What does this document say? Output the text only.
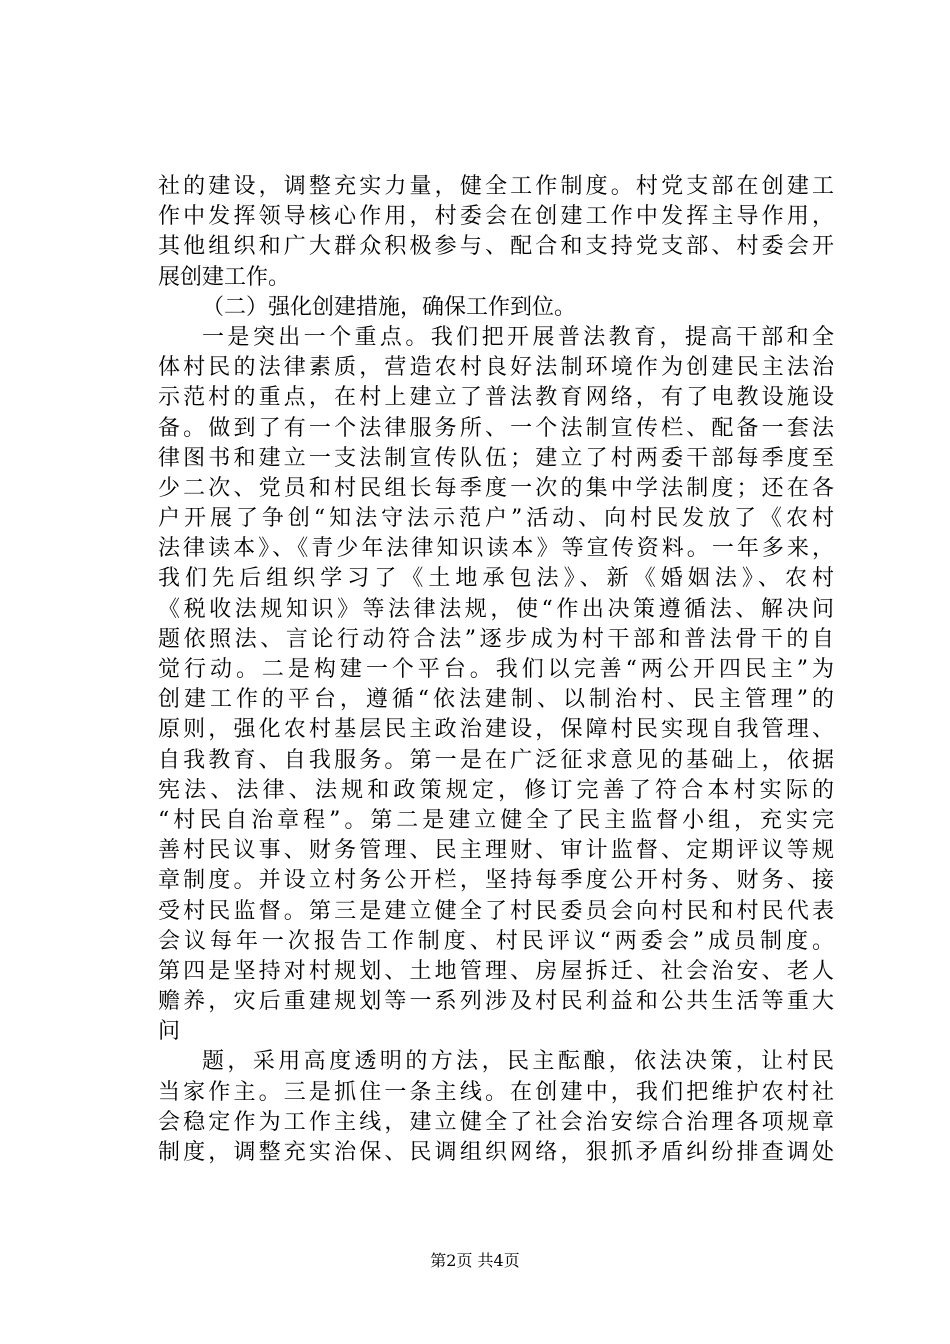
社的建设，调整充实力量，健全工作制度。村党支部在创建工
作中发挥领导核心作用，村委会在创建工作中发挥主导作用，
其他组织和广大群众积极参与、配合和支持党支部、村委会开
展创建工作。
（二）强化创建措施，确保工作到位。
一是突出一个重点。我们把开展普法教育，提高干部和全
体村民的法律素质，营造农村良好法制环境作为创建民主法治
示范村的重点，在村上建立了普法教育网络，有了电教设施设
备。做到了有一个法律服务所、一个法制宣传栏、配备一套法
律图书和建立一支法制宣传队伍；建立了村两委干部每季度至
少二次、党员和村民组长每季度一次的集中学法制度；还在各
户开展了争创“知法守法示范户”活动、向村民发放了《农村
法律读本》、《青少年法律知识读本》等宣传资料。一年多来，
我们先后组织学习了《土地承包法》、新《婚姻法》、农村
《税收法规知识》等法律法规，使“作出决策遵循法、解决问
题依照法、言论行动符合法”逐步成为村干部和普法骨干的自
觉行动。二是构建一个平台。我们以完善“两公开四民主”为
创建工作的平台，遵循“依法建制、以制治村、民主管理”的
原则，强化农村基层民主政治建设，保障村民实现自我管理、
自我教育、自我服务。第一是在广泛征求意见的基础上，依据
宪法、法律、法规和政策规定，修订完善了符合本村实际的
“村民自治章程”。第二是建立健全了民主监督小组，充实完
善村民议事、财务管理、民主理财、审计监督、定期评议等规
章制度。并设立村务公开栏，坚持每季度公开村务、财务、接
受村民监督。第三是建立健全了村民委员会向村民和村民代表
会议每年一次报告工作制度、村民评议“两委会”成员制度。
第四是坚持对村规划、土地管理、房屋拆迁、社会治安、老人
赡养，灾后重建规划等一系列涉及村民利益和公共生活等重大
问
题，采用高度透明的方法，民主酝酿，依法决策，让村民
当家作主。三是抓住一条主线。在创建中，我们把维护农村社
会稳定作为工作主线，建立健全了社会治安综合治理各项规章
制度，调整充实治保、民调组织网络，狠抓矛盾纠纷排查调处
第2页 共4页
